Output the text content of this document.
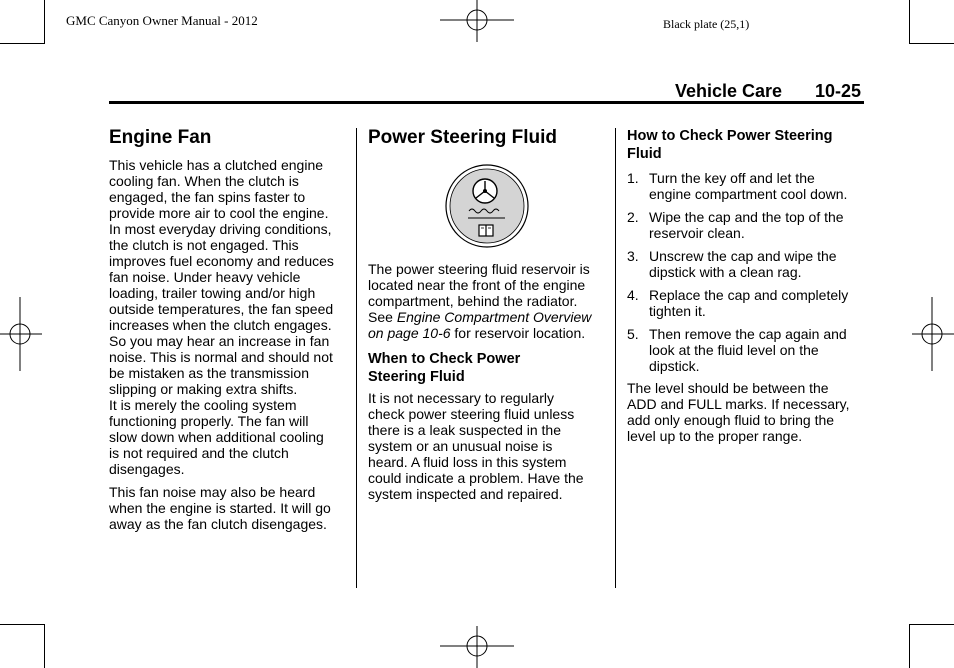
GMC Canyon Owner Manual - 2012	Black plate (25,1)
Vehicle Care 10-25
Engine Fan

This vehicle has a clutched engine
cooling fan. When the clutch is
engaged, the fan spins faster to
provide more air to cool the engine.
In most everyday driving conditions,
the clutch is not engaged. This
improves fuel economy and reduces
fan noise. Under heavy vehicle
loading, trailer towing and/or high
outside temperatures, the fan speed
increases when the clutch engages.
So you may hear an increase in fan
noise. This is normal and should not
be mistaken as the transmission
slipping or making extra shifts.
It is merely the cooling system
functioning properly. The fan will
slow down when additional cooling
is not required and the clutch
disengages.

This fan noise may also be heard
when the engine is started. It will go
away as the fan clutch disengages.

Power Steering Fluid

The power steering fluid reservoir is
located near the front of the engine
compartment, behind the radiator.
See Engine Compartment Overview
on page 10-6 for reservoir location.

When to Check Power
Steering Fluid

It is not necessary to regularly
check power steering fluid unless
there is a leak suspected in the
system or an unusual noise is
heard. A fluid loss in this system
could indicate a problem. Have the
system inspected and repaired.

How to Check Power Steering
Fluid

1. Turn the key off and let the
engine compartment cool down.
2. Wipe the cap and the top of the
reservoir clean.
3. Unscrew the cap and wipe the
dipstick with a clean rag.
4. Replace the cap and completely
tighten it.
5. Then remove the cap again and
look at the fluid level on the
dipstick.

The level should be between the
ADD and FULL marks. If necessary,
add only enough fluid to bring the
level up to the proper range.
